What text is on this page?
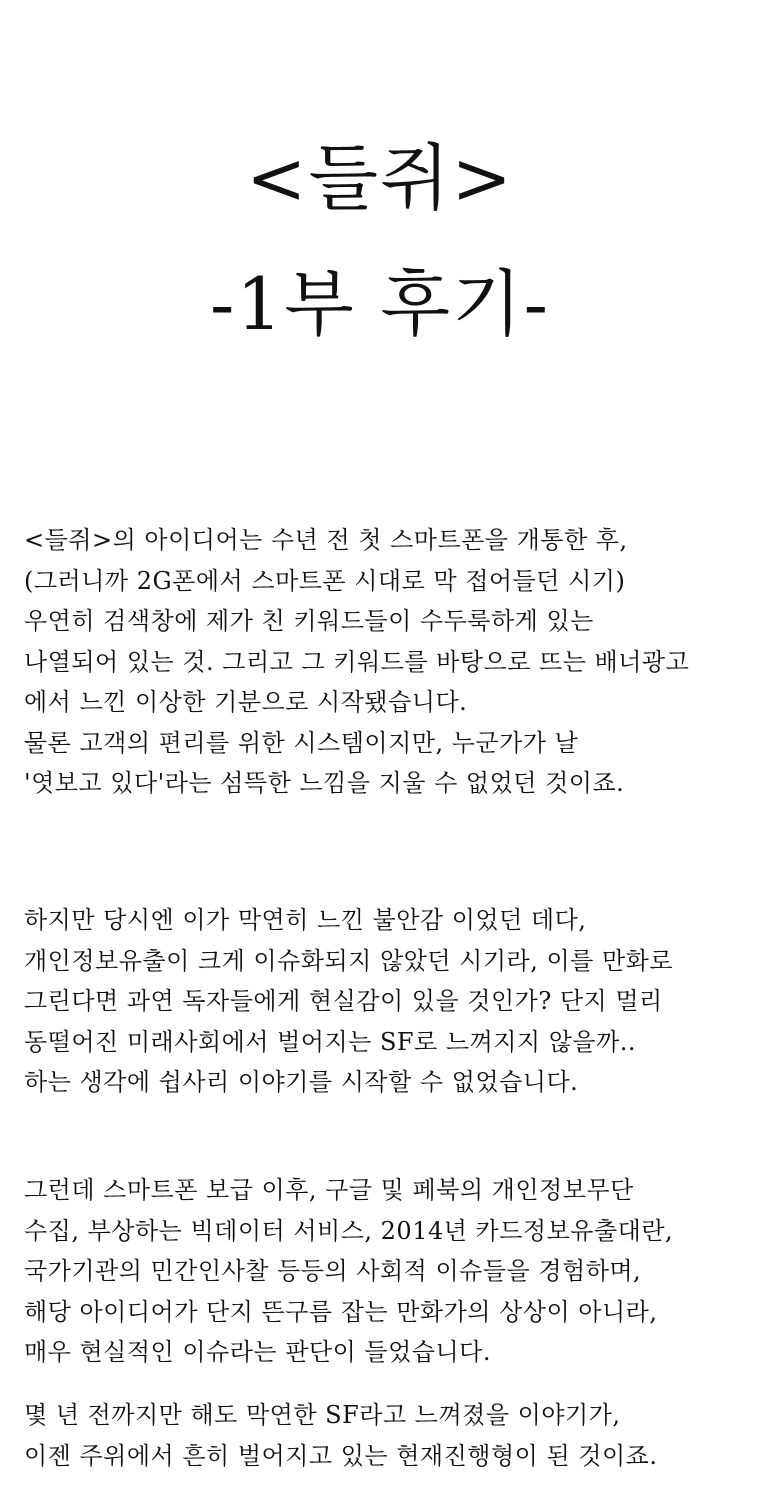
<들쥐>
-1부 후기-
<들쥐>의 아이디어는 수년 전 첫 스마트폰을 개통한 후,
(그러니까 2G폰에서 스마트폰 시대로 막 접어들던 시기)
우연히 검색창에 제가 친 키워드들이 수두룩하게 있는
나열되어 있는 것. 그리고 그 키워드를 바탕으로 뜨는 배너광고
에서 느낀 이상한 기분으로 시작됐습니다.
물론 고객의 편리를 위한 시스템이지만, 누군가가 날
'엿보고 있다'라는 섬뜩한 느낌을 지울 수 없었던 것이죠.
하지만 당시엔 이가 막연히 느낀 불안감 이었던 데다,
개인정보유출이 크게 이슈화되지 않았던 시기라, 이를 만화로
그린다면 과연 독자들에게 현실감이 있을 것인가? 단지 멀리
동떨어진 미래사회에서 벌어지는 SF로 느껴지지 않을까..
하는 생각에 쉽사리 이야기를 시작할 수 없었습니다.
그런데 스마트폰 보급 이후, 구글 및 페북의 개인정보무단
수집, 부상하는 빅데이터 서비스, 2014년 카드정보유출대란,
국가기관의 민간인사찰 등등의 사회적 이슈들을 경험하며,
해당 아이디어가 단지 뜬구름 잡는 만화가의 상상이 아니라,
매우 현실적인 이슈라는 판단이 들었습니다.
몇 년 전까지만 해도 막연한 SF라고 느껴졌을 이야기가,
이젠 주위에서 흔히 벌어지고 있는 현재진행형이 된 것이죠.
